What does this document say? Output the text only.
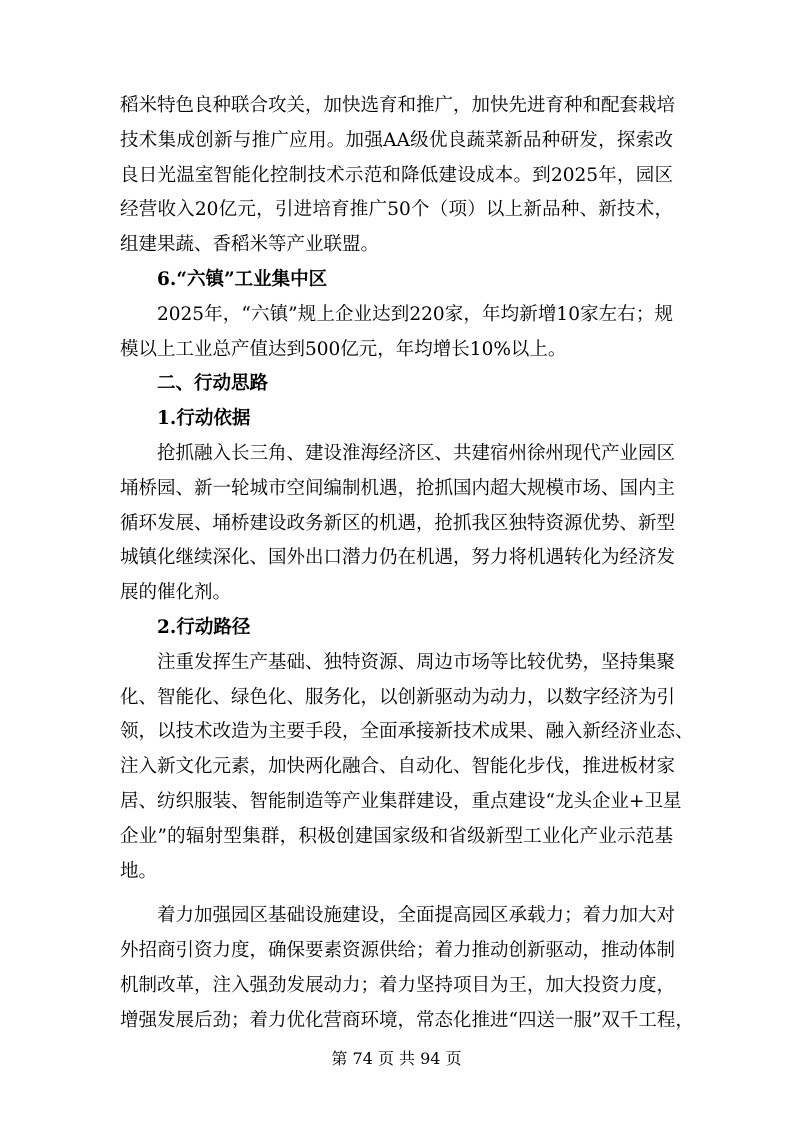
稻米特色良种联合攻关，加快选育和推广，加快先进育种和配套栽培
技术集成创新与推广应用。加强AA级优良蔬菜新品种研发，探索改
良日光温室智能化控制技术示范和降低建设成本。到2025年，园区
经营收入20亿元，引进培育推广50个（项）以上新品种、新技术，
组建果蔬、香稻米等产业联盟。
6.“六镇”工业集中区
2025年，“六镇”规上企业达到220家，年均新增10家左右；规
模以上工业总产值达到500亿元，年均增长10%以上。
二、行动思路
1.行动依据
抢抓融入长三角、建设淮海经济区、共建宿州徐州现代产业园区
埇桥园、新一轮城市空间编制机遇，抢抓国内超大规模市场、国内主
循环发展、埇桥建设政务新区的机遇，抢抓我区独特资源优势、新型
城镇化继续深化、国外出口潜力仍在机遇，努力将机遇转化为经济发
展的催化剂。
2.行动路径
注重发挥生产基础、独特资源、周边市场等比较优势，坚持集聚
化、智能化、绿色化、服务化，以创新驱动为动力，以数字经济为引
领，以技术改造为主要手段，全面承接新技术成果、融入新经济业态、
注入新文化元素，加快两化融合、自动化、智能化步伐，推进板材家
居、纺织服装、智能制造等产业集群建设，重点建设“龙头企业+卫星
企业”的辐射型集群，积极创建国家级和省级新型工业化产业示范基
地。
着力加强园区基础设施建设，全面提高园区承载力；着力加大对
外招商引资力度，确保要素资源供给；着力推动创新驱动，推动体制
机制改革，注入强劲发展动力；着力坚持项目为王，加大投资力度，
增强发展后劲；着力优化营商环境，常态化推进“四送一服”双千工程，
第 74 页 共 94 页
